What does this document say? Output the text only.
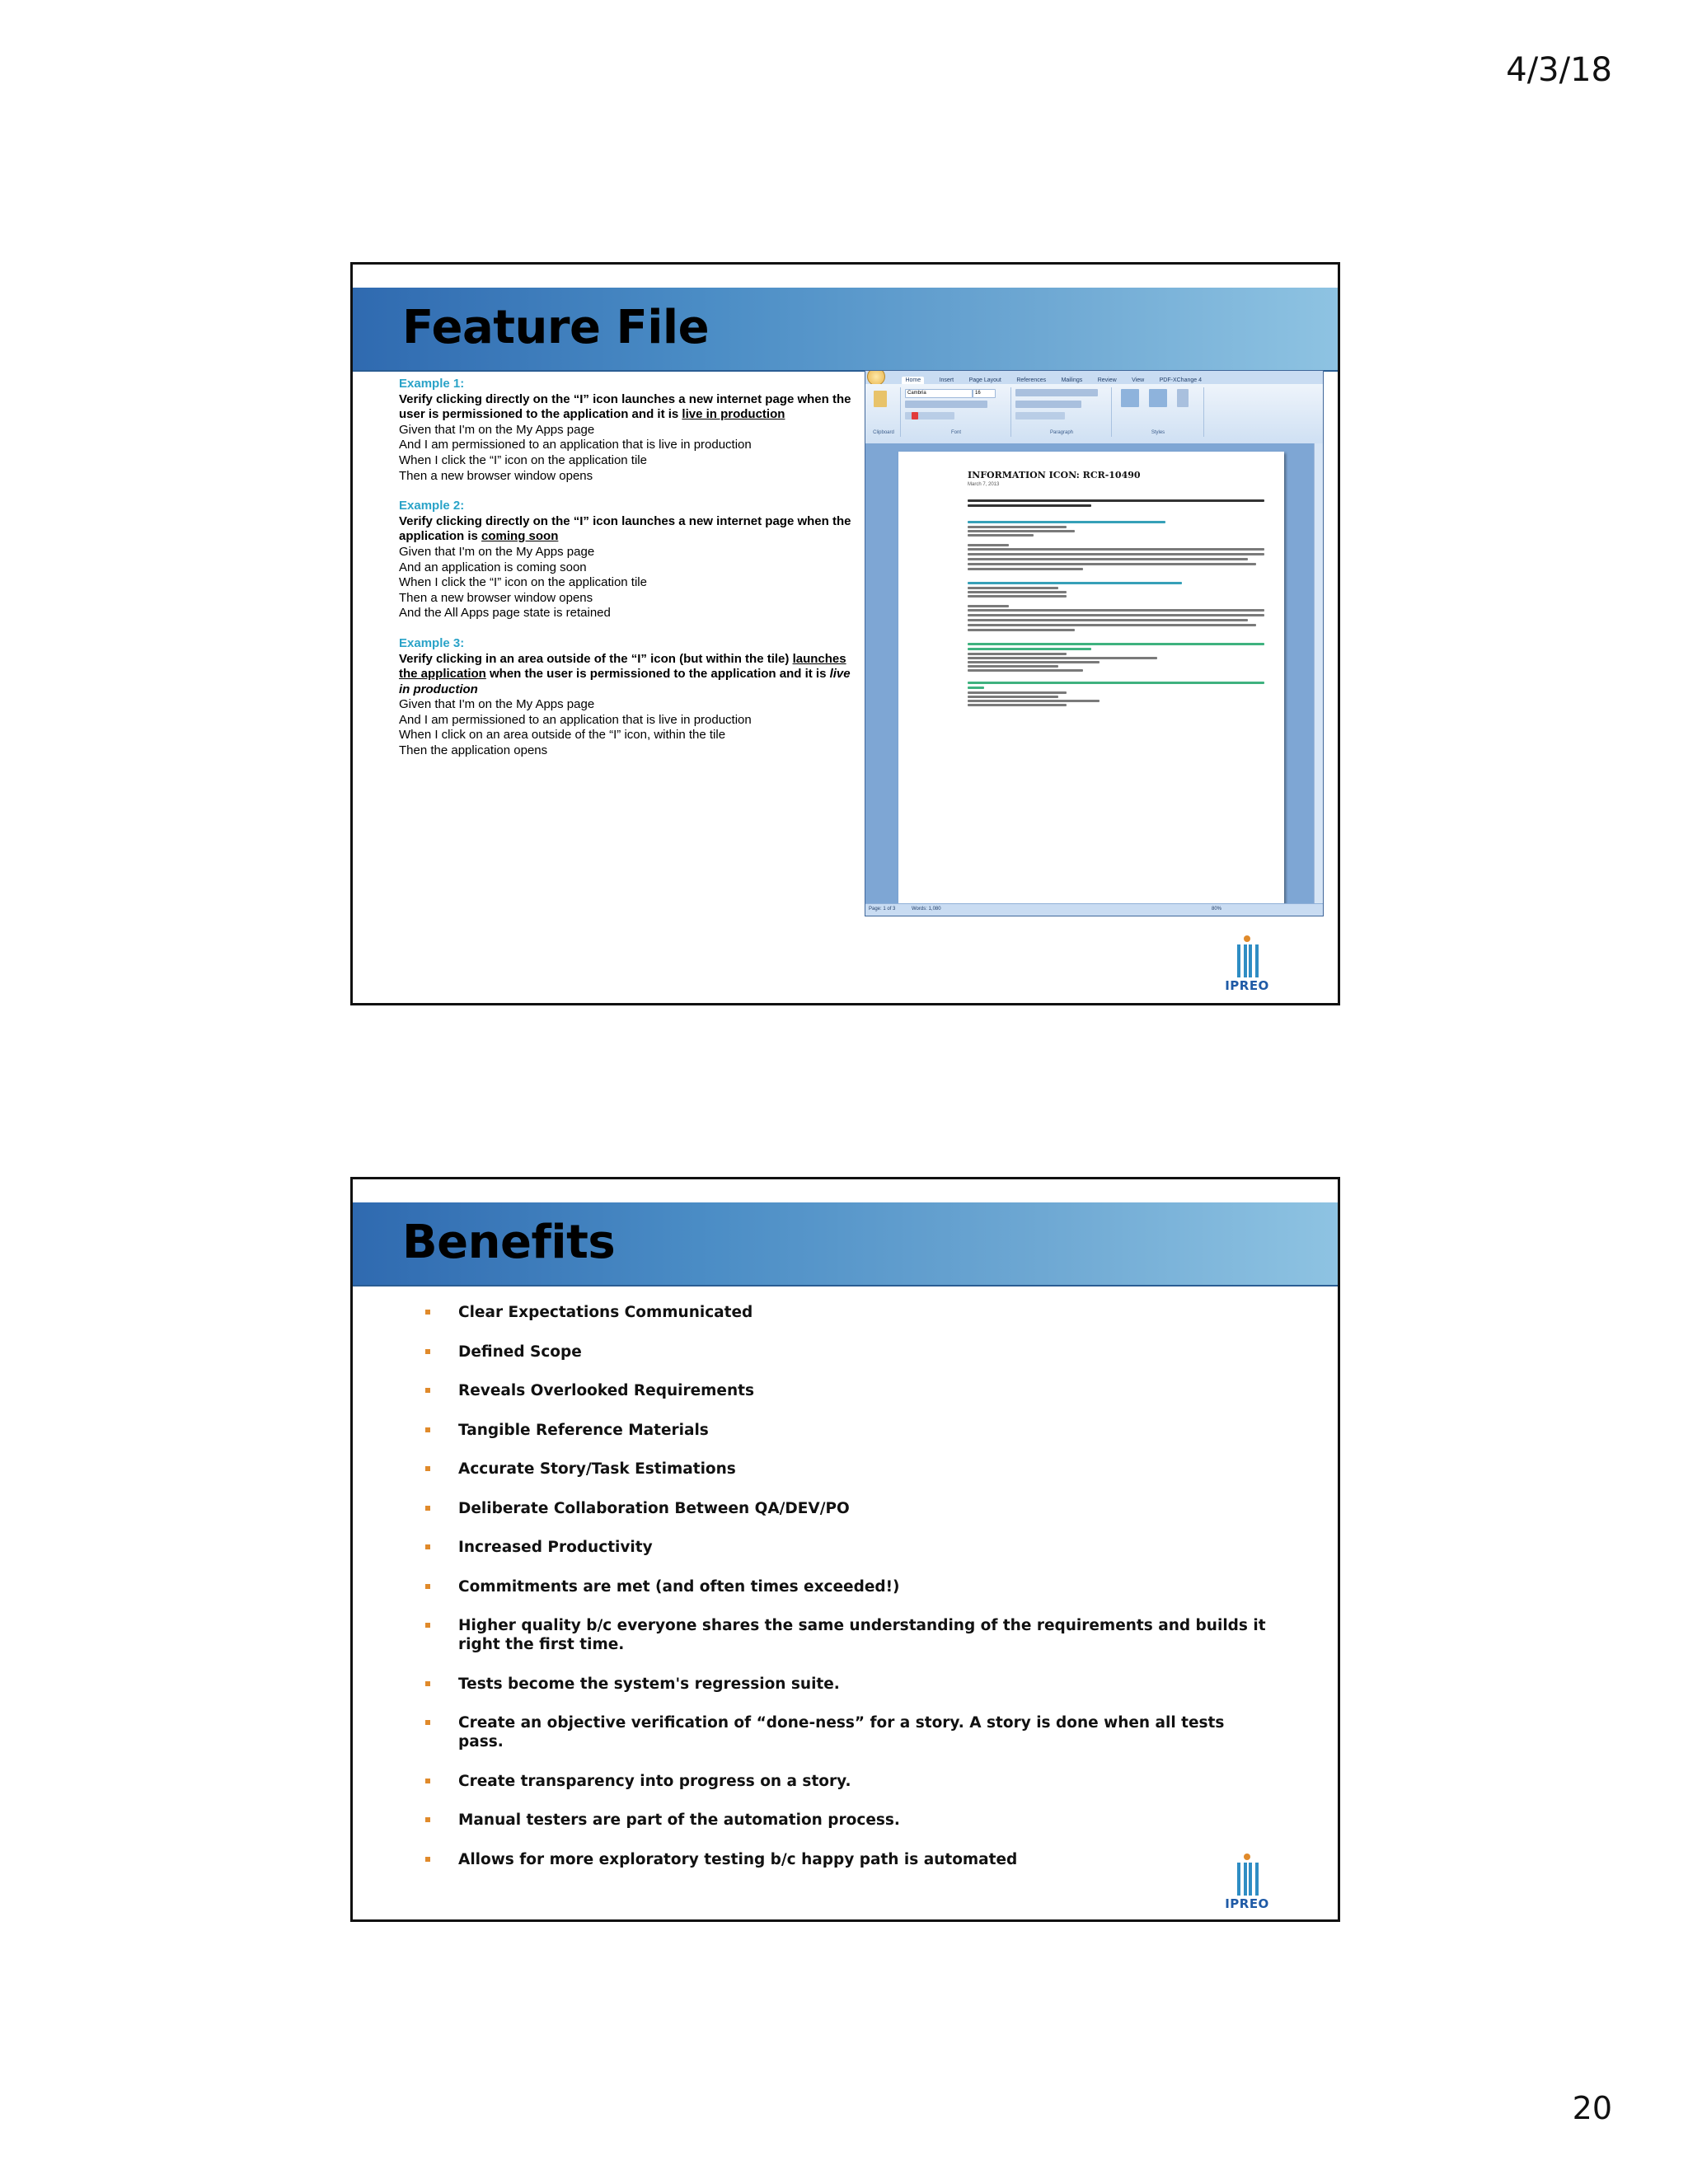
4/3/18
Feature File
Example 1:
Verify clicking directly on the “I” icon launches a new internet page when the user is permissioned to the application and it is live in production
Given that I'm on the My Apps page
And I am permissioned to an application that is live in production
When I click the “I” icon on the application tile
Then a new browser window opens
Example 2:
Verify clicking directly on the “I” icon launches a new internet page when the application is coming soon
Given that I'm on the My Apps page
And an application is coming soon
When I click the “I” icon on the application tile
Then a new browser window opens
And the All Apps page state is retained
Example 3:
Verify clicking in an area outside of the “I” icon (but within the tile) launches the application when the user is permissioned to the application and it is live in production
Given that I'm on the My Apps page
And I am permissioned to an application that is live in production
When I click on an area outside of the “I” icon, within the tile
Then the application opens
Home	Insert	Page Layout	References	Mailings	Review	View	PDF-XChange 4
Clipboard
Cambria	16
Font	Paragraph	Styles
INFORMATION ICON: RCR-10490
March 7, 2013
Page: 1 of 3	Words: 1,080	80%
IPREO
Benefits
Clear Expectations Communicated
Defined Scope
Reveals Overlooked Requirements
Tangible Reference Materials
Accurate Story/Task Estimations
Deliberate Collaboration Between QA/DEV/PO
Increased Productivity
Commitments are met (and often times exceeded!)
Higher quality b/c everyone shares the same understanding of the requirements and builds it right the first time.
Tests become the system's regression suite.
Create an objective verification of “done-ness” for a story. A story is done when all tests pass.
Create transparency into progress on a story.
Manual testers are part of the automation process.
Allows for more exploratory testing b/c happy path is automated
IPREO
20
